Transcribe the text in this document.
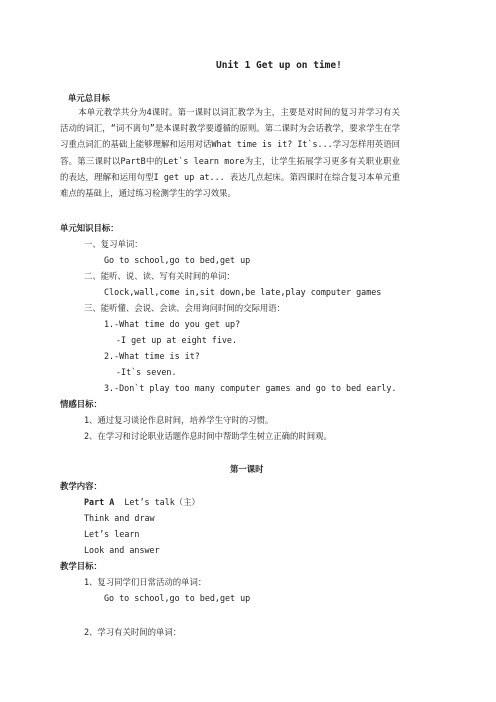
Unit 1 Get up on time!
单元总目标
本单元教学共分为4课时。第一课时以词汇教学为主，主要是对时间的复习并学习有关活动的词汇，“词不离句”是本课时教学要遵循的原则。第二课时为会话教学，要求学生在学习重点词汇的基础上能够理解和运用对话What time is it? It`s...学习怎样用英语回答。第三课时以PartB中的Let`s learn more为主，让学生拓展学习更多有关职业职业的表达，理解和运用句型I get up at... 表达几点起床。第四课时在综合复习本单元重难点的基础上，通过练习检测学生的学习效果。
单元知识目标：
一、复习单词：
Go to school,go to bed,get up
二、能听、说、读、写有关时间的单词：
Clock,wall,come in,sit down,be late,play computer games
三、能听懂、会说、会读、会用询问时间的交际用语：
1.-What time do you get up?
-I get up at eight five.
2.-What time is it?
-It`s seven.
3.-Don`t play too many computer games and go to bed early.
情感目标：
1、通过复习谈论作息时间，培养学生守时的习惯。
2、在学习和讨论职业话题作息时间中帮助学生树立正确的时间观。
第一课时
教学内容：
Part A Let’s talk（主）
Think and draw
Let’s learn
Look and answer
教学目标：
1、复习同学们日常活动的单词：
Go to school,go to bed,get up
2、学习有关时间的单词：
